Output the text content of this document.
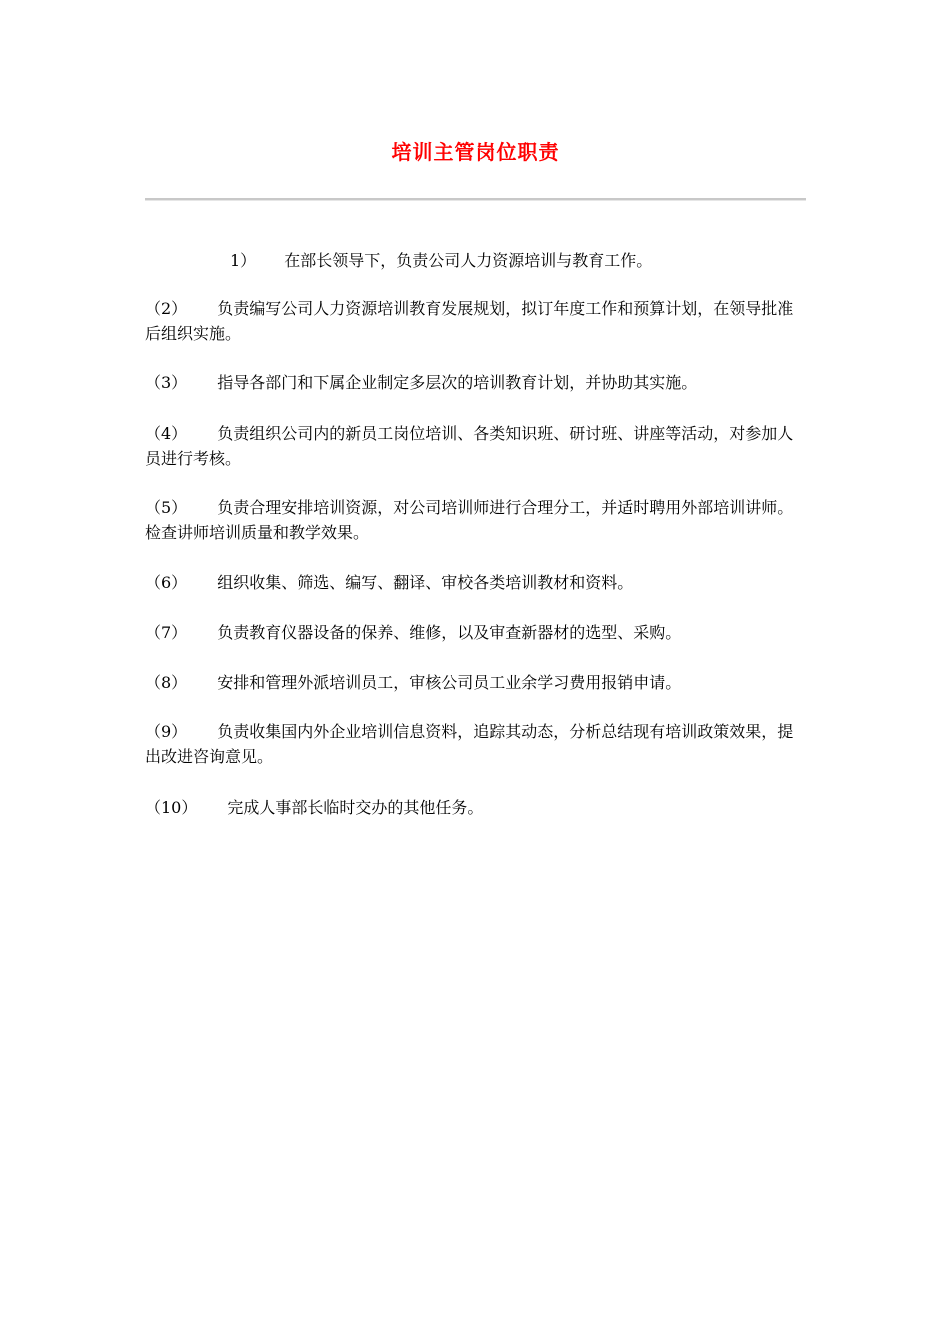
培训主管岗位职责
1） 在部长领导下，负责公司人力资源培训与教育工作。
（2） 负责编写公司人力资源培训教育发展规划，拟订年度工作和预算计划，在领导批准后组织实施。
（3） 指导各部门和下属企业制定多层次的培训教育计划，并协助其实施。
（4） 负责组织公司内的新员工岗位培训、各类知识班、研讨班、讲座等活动，对参加人员进行考核。
（5） 负责合理安排培训资源，对公司培训师进行合理分工，并适时聘用外部培训讲师。检查讲师培训质量和教学效果。
（6） 组织收集、筛选、编写、翻译、审校各类培训教材和资料。
（7） 负责教育仪器设备的保养、维修，以及审查新器材的选型、采购。
（8） 安排和管理外派培训员工，审核公司员工业余学习费用报销申请。
（9） 负责收集国内外企业培训信息资料，追踪其动态，分析总结现有培训政策效果，提出改进咨询意见。
（10） 完成人事部长临时交办的其他任务。
